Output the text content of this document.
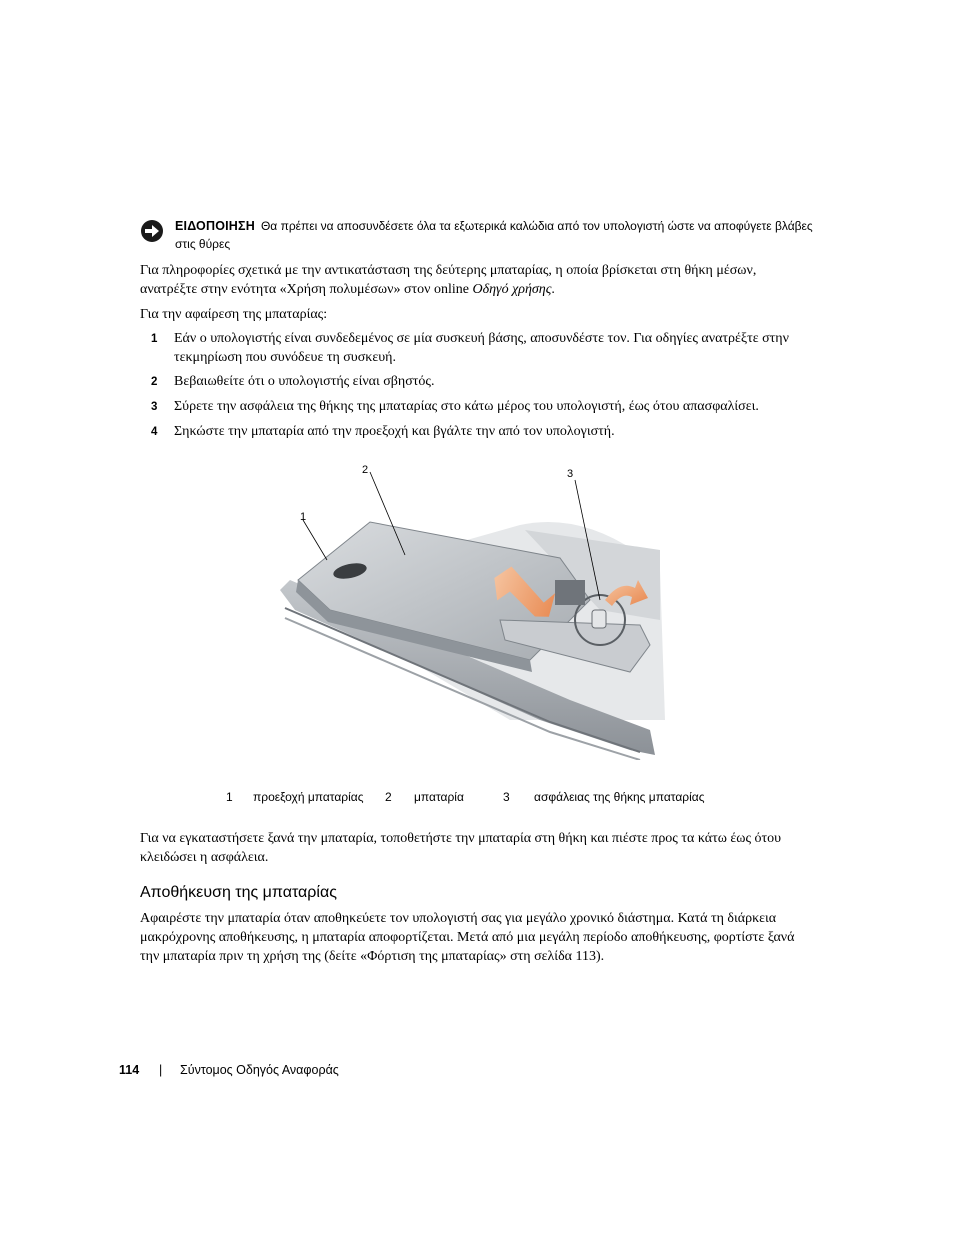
ΕΙΔΟΠΟΙΗΣΗ Θα πρέπει να αποσυνδέσετε όλα τα εξωτερικά καλώδια από τον υπολογιστή ώστε να αποφύγετε βλάβες στις θύρες
Για πληροφορίες σχετικά με την αντικατάσταση της δεύτερης μπαταρίας, η οποία βρίσκεται στη θήκη μέσων, ανατρέξτε στην ενότητα «Χρήση πολυμέσων» στον online Οδηγό χρήσης.
Για την αφαίρεση της μπαταρίας:
1 Εάν ο υπολογιστής είναι συνδεδεμένος σε μία συσκευή βάσης, αποσυνδέστε τον. Για οδηγίες ανατρέξτε στην τεκμηρίωση που συνόδευε τη συσκευή.
2 Βεβαιωθείτε ότι ο υπολογιστής είναι σβηστός.
3 Σύρετε την ασφάλεια της θήκης της μπαταρίας στο κάτω μέρος του υπολογιστή, έως ότου απασφαλίσει.
4 Σηκώστε την μπαταρία από την προεξοχή και βγάλτε την από τον υπολογιστή.
1
2	3
1 προεξοχή μπαταρίας 2 μπαταρία	3 ασφάλειας της θήκης μπαταρίας
Για να εγκαταστήσετε ξανά την μπαταρία, τοποθετήστε την μπαταρία στη θήκη και πιέστε προς τα κάτω έως ότου κλειδώσει η ασφάλεια.
Αποθήκευση της μπαταρίας
Αφαιρέστε την μπαταρία όταν αποθηκεύετε τον υπολογιστή σας για μεγάλο χρονικό διάστημα. Κατά τη διάρκεια μακρόχρονης αποθήκευσης, η μπαταρία αποφορτίζεται. Μετά από μια μεγάλη περίοδο αποθήκευσης, φορτίστε ξανά την μπαταρία πριν τη χρήση της (δείτε «Φόρτιση της μπαταρίας» στη σελίδα 113).
114 | Σύντομος Οδηγός Αναφοράς
